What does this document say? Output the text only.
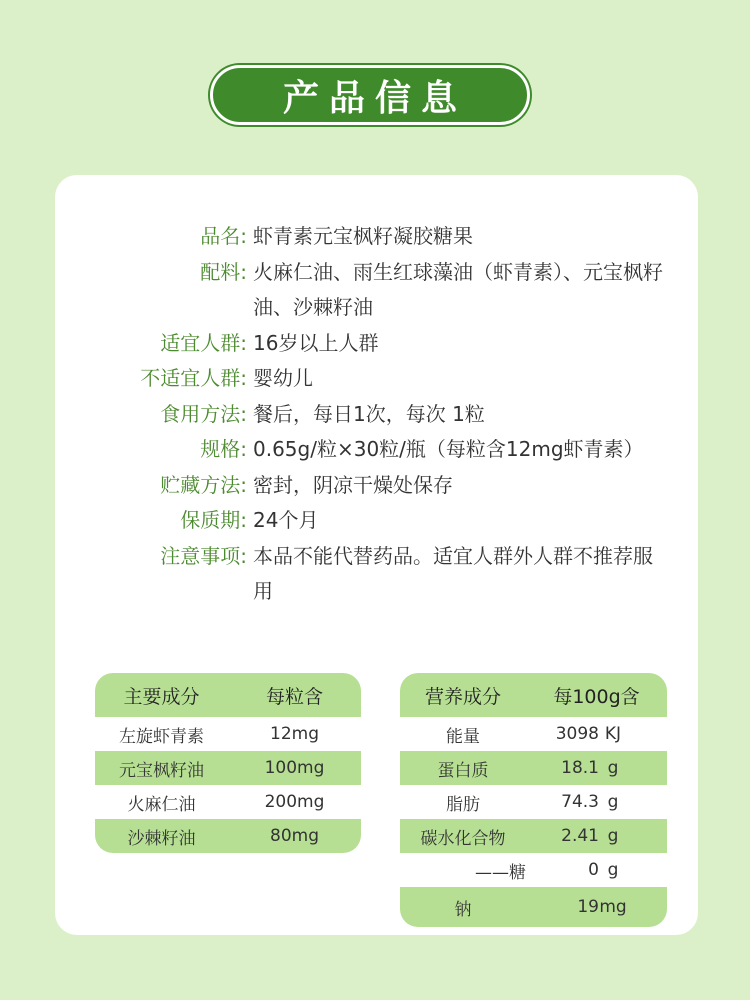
产品信息
品名: 虾青素元宝枫籽凝胶糖果
配料: 火麻仁油、雨生红球藻油（虾青素）、元宝枫籽油、沙棘籽油
适宜人群: 16岁以上人群
不适宜人群: 婴幼儿
食用方法: 餐后，每日1次，每次 1粒
规格: 0.65g/粒×30粒/瓶（每粒含12mg虾青素）
贮藏方法: 密封，阴凉干燥处保存
保质期: 24个月
注意事项: 本品不能代替药品。适宜人群外人群不推荐服用
主要成分	每粒含
左旋虾青素	12mg
元宝枫籽油	100mg
火麻仁油	200mg
沙棘籽油	80mg
营养成分	每100g含
能量	3098 KJ
蛋白质	18.1 g
脂肪	74.3 g
碳水化合物	2.41 g
——糖	0 g
钠	19 mg
